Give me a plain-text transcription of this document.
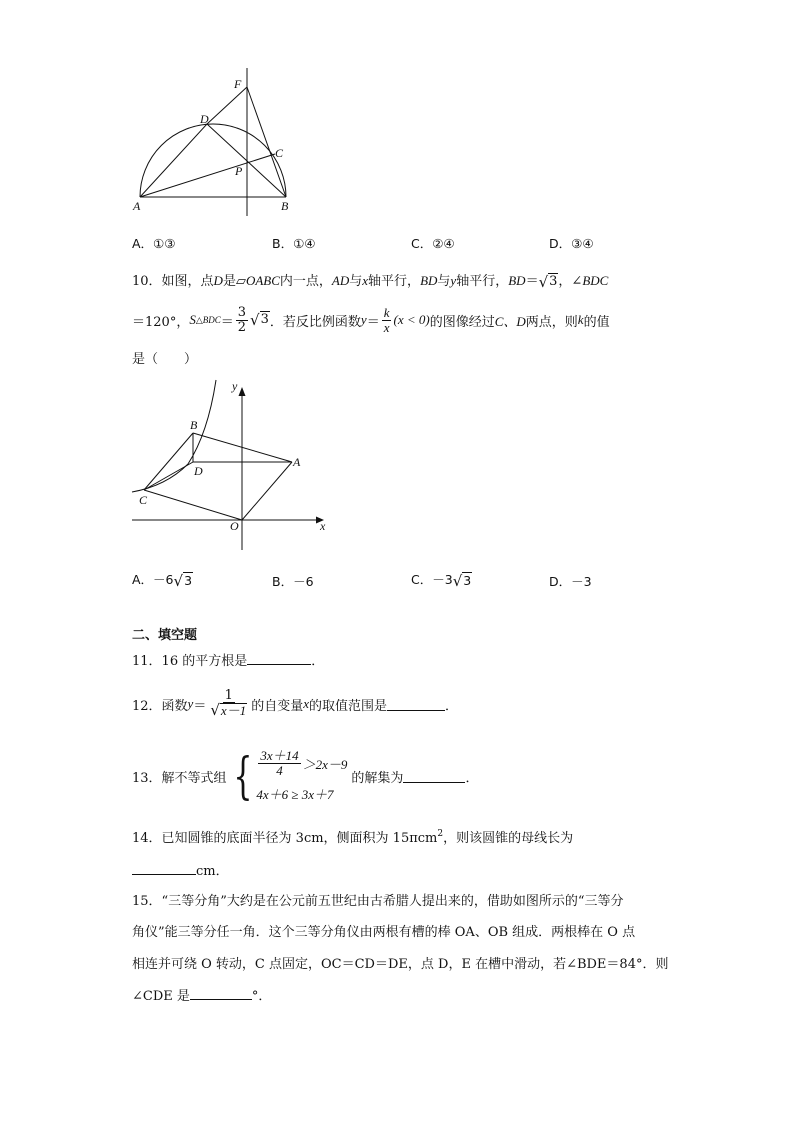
F
D
C
P
A	B
A．①③	B．①④	C．②④	D．③④
10．如图，点D是▱OABC内一点，AD与x轴平行，BD与y轴平行，BD＝ √ 3 ，∠BDC
＝120°， S △BDC ＝ $\frac{3}{2}$ √ 3 ．若反比例函数 $y = \frac{k}{x} (x < 0)$ 的图像经过 C、D 两点，则 k 的值
是（　　）
y
B
D
A
C
O	x
A．－6 √ 3	B．－6	C．－3 √ 3	D．－3
二、填空题
11．16 的平方根是	．
12．函数 $y = \frac{1}{√ x-1}$ 的自变量 x 的取值范围是	．
13．解不等式组 { $\frac{3x+14}{4} >2x-9$
4x＋6 ≥ 3x＋7
的解集为	．
14．已知圆锥的底面半径为 3cm，侧面积为 15πcm$^2$，则该圆锥的母线长为
cm．
15．“三等分角”大约是在公元前五世纪由古希腊人提出来的，借助如图所示的“三等分
角仪”能三等分任一角．这个三等分角仪由两根有槽的棒 OA、OB 组成．两根棒在 O 点
相连并可绕 O 转动，C 点固定，OC＝CD＝DE，点 D，E 在槽中滑动，若∠BDE＝84°．则
∠CDE 是	°．
